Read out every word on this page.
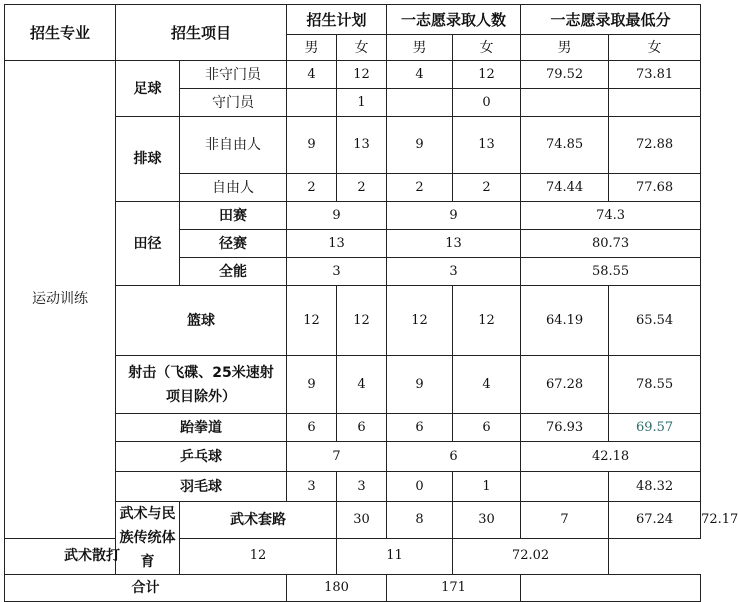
招生专业	招生项目		招生计划		一志愿录取人数		一志愿录取最低分		
			男	女	男	女	男	女	
运动训练	足球	非守门员	4	12	4	12	79.52	73.81	
		守门员		1		0			
	排球	非自由人	9	13	9	13	74.85	72.88	
		自由人	2	2	2	2	74.44	77.68	
	田径	田赛	9		9		74.3		
		径赛	13		13		80.73		
		全能	3		3		58.55		
	篮球		12	12	12	12	64.19	65.54	
	射击（飞碟、25米速射项目除外）		9	4	9	4	67.28	78.55	
	跆拳道		6	6	6	6	76.93	69.57	
	乒乓球		7		6		42.18		
	羽毛球		3	3	0	1		48.32	
	武术与民族传统体育	武术套路		30	8	30	7	67.24	72.17
武术散打		12		11		72.02			
合计			180		171				
